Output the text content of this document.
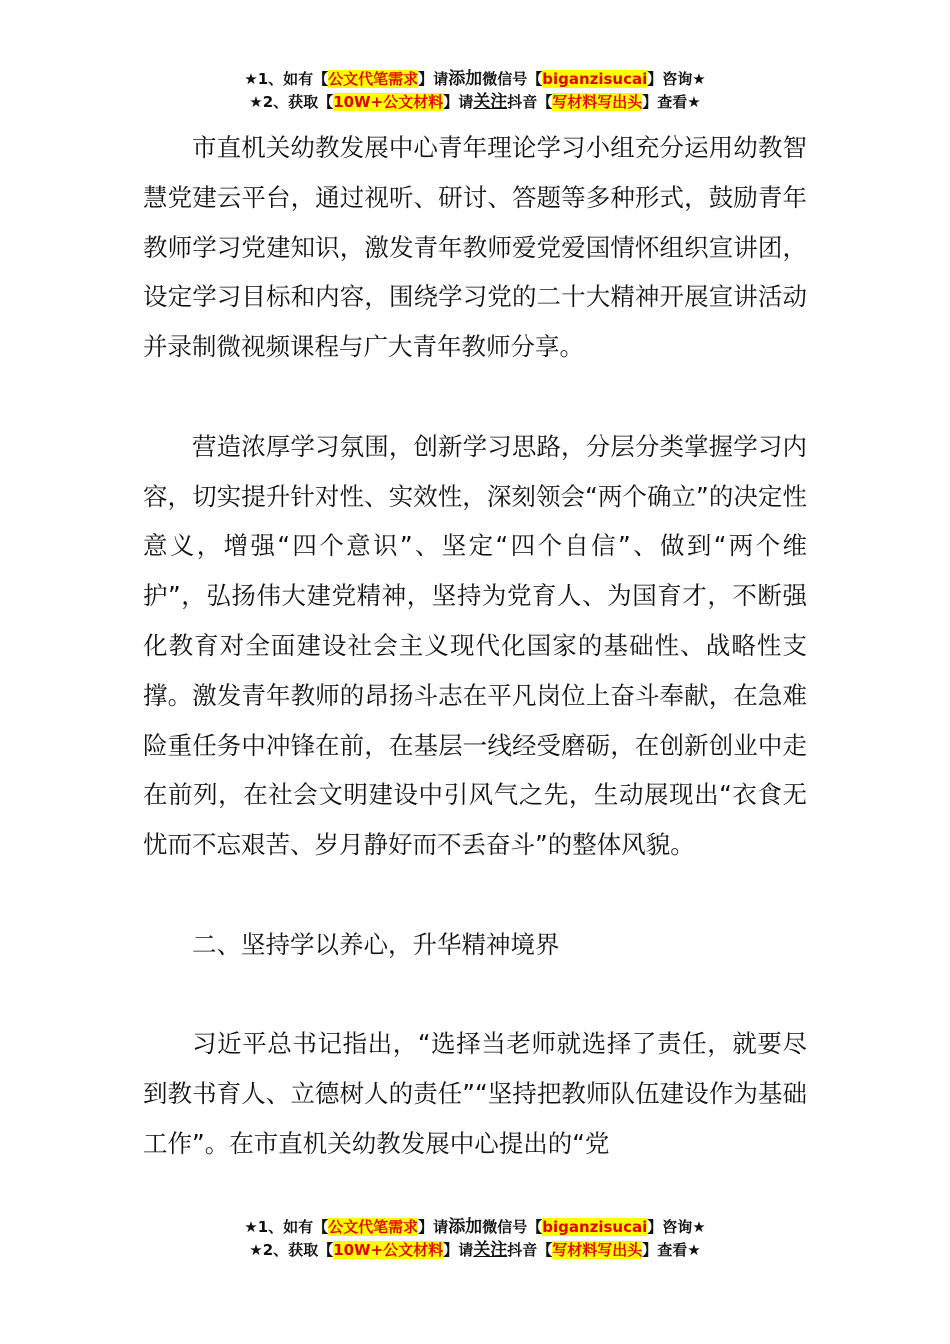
★1、如有【公文代笔需求】请添加微信号【biganzisucai】咨询★
★2、获取【10W+公文材料】请关注抖音【写材料写出头】查看★

市直机关幼教发展中心青年理论学习小组充分运用幼教智慧党建云平台，通过视听、研讨、答题等多种形式，鼓励青年教师学习党建知识，激发青年教师爱党爱国情怀组织宣讲团，设定学习目标和内容，围绕学习党的二十大精神开展宣讲活动并录制微视频课程与广大青年教师分享。

营造浓厚学习氛围，创新学习思路，分层分类掌握学习内容，切实提升针对性、实效性，深刻领会“两个确立”的决定性意义，增强“四个意识”、坚定“四个自信”、做到“两个维护”，弘扬伟大建党精神，坚持为党育人、为国育才，不断强化教育对全面建设社会主义现代化国家的基础性、战略性支撑。激发青年教师的昂扬斗志在平凡岗位上奋斗奉献，在急难险重任务中冲锋在前，在基层一线经受磨砺，在创新创业中走在前列，在社会文明建设中引风气之先，生动展现出“衣食无忧而不忘艰苦、岁月静好而不丢奋斗”的整体风貌。

二、坚持学以养心，升华精神境界

习近平总书记指出，“选择当老师就选择了责任，就要尽到教书育人、立德树人的责任”“坚持把教师队伍建设作为基础工作”。在市直机关幼教发展中心提出的“党

★1、如有【公文代笔需求】请添加微信号【biganzisucai】咨询★
★2、获取【10W+公文材料】请关注抖音【写材料写出头】查看★
